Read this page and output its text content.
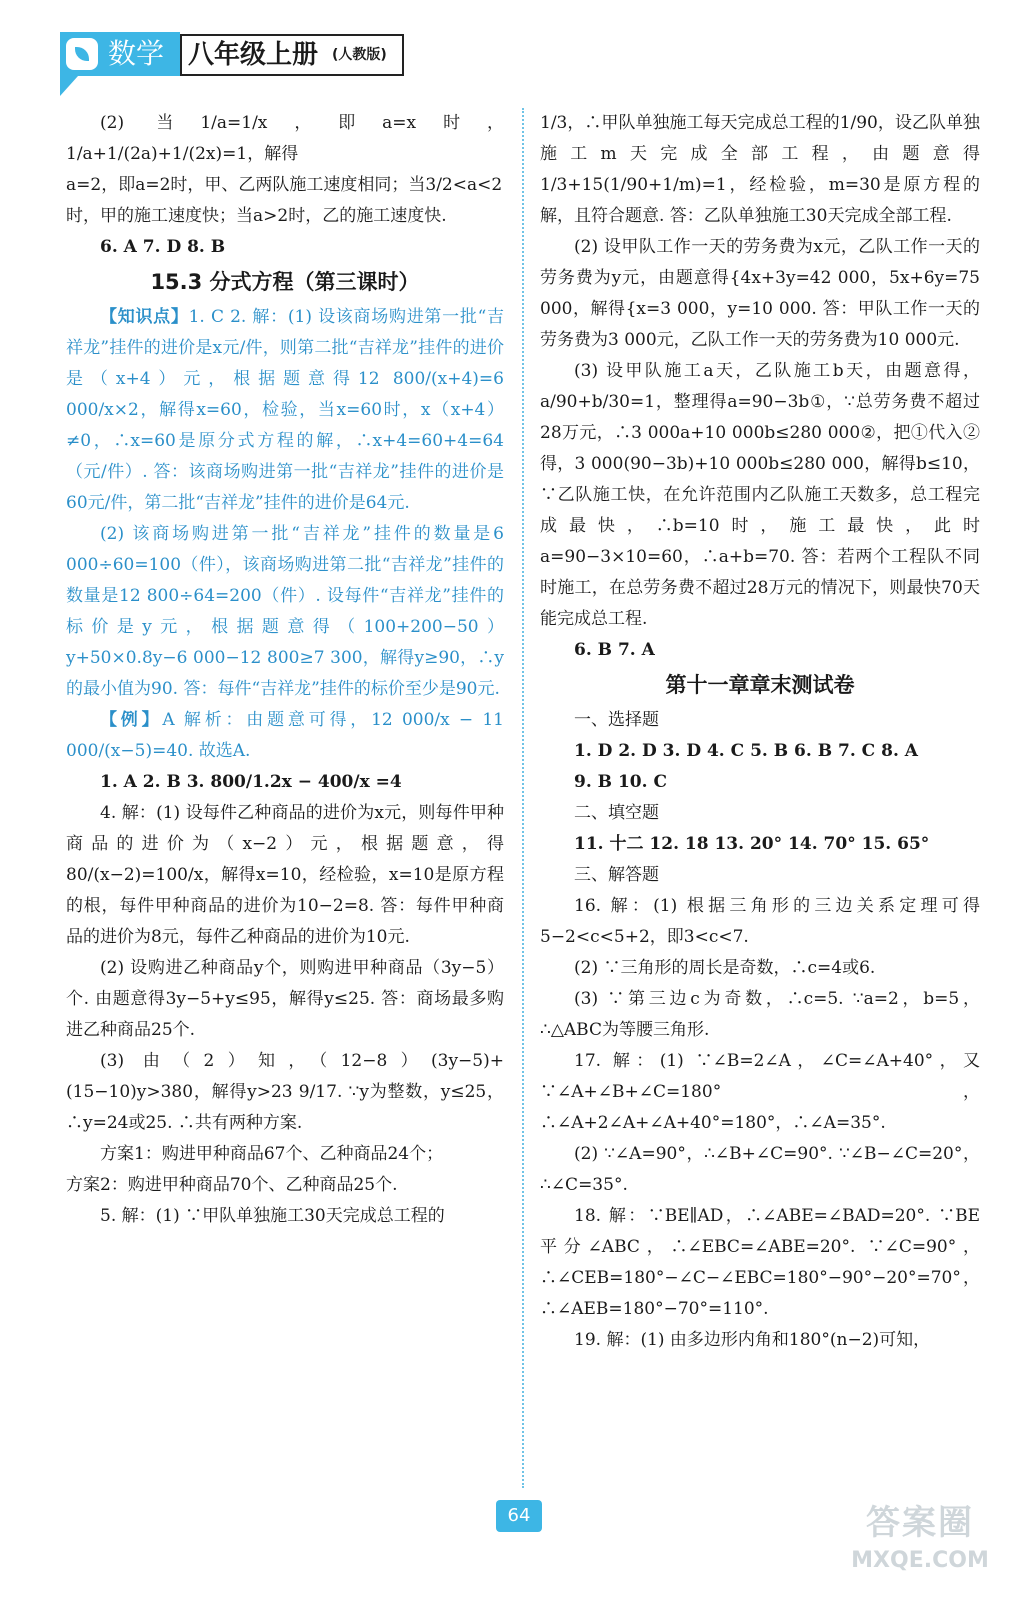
数学 八年级上册 (人教版)

(2) 当1/a=1/x，即a=x时，1/a+1/(2a)+1/(2x)=1，解得

a=2，即a=2时，甲、乙两队施工速度相同；当3/2<a<2

时，甲的施工速度快；当a>2时，乙的施工速度快.

6. A 7. D 8. B

15.3 分式方程（第三课时）

【知识点】1. C 2. 解：(1) 设该商场购进第一批“吉祥龙”挂件的进价是x元/件，则第二批“吉祥龙”挂件的进价是（x+4）元，根据题意得12 800/(x+4)=6 000/x×2，解得x=60，检验，当x=60时，x（x+4）≠0，∴x=60是原分式方程的解，∴x+4=60+4=64（元/件）. 答：该商场购进第一批“吉祥龙”挂件的进价是60元/件，第二批“吉祥龙”挂件的进价是64元.

(2) 该商场购进第一批“吉祥龙”挂件的数量是6 000÷60=100（件），该商场购进第二批“吉祥龙”挂件的数量是12 800÷64=200（件）. 设每件“吉祥龙”挂件的标价是y元，根据题意得（100+200−50）y+50×0.8y−6 000−12 800≥7 300，解得y≥90，∴y的最小值为90. 答：每件“吉祥龙”挂件的标价至少是90元.

【例】A 解析：由题意可得，12 000/x − 11 000/(x−5)=40. 故选A.

1. A 2. B 3. 800/1.2x − 400/x =4

4. 解：(1) 设每件乙种商品的进价为x元，则每件甲种商品的进价为（x−2）元，根据题意，得80/(x−2)=100/x，解得x=10，经检验，x=10是原方程的根，每件甲种商品的进价为10−2=8. 答：每件甲种商品的进价为8元，每件乙种商品的进价为10元.

(2) 设购进乙种商品y个，则购进甲种商品（3y−5）个. 由题意得3y−5+y≤95，解得y≤25. 答：商场最多购进乙种商品25个.

(3) 由（2）知，（12−8）(3y−5)+(15−10)y>380，解得y>23 9/17. ∵y为整数，y≤25，∴y=24或25. ∴共有两种方案.

方案1：购进甲种商品67个、乙种商品24个；

方案2：购进甲种商品70个、乙种商品25个.

5. 解：(1) ∵甲队单独施工30天完成总工程的

1/3，∴甲队单独施工每天完成总工程的1/90，设乙队单独施工m天完成全部工程，由题意得1/3+15(1/90+1/m)=1，经检验，m=30是原方程的解，且符合题意. 答：乙队单独施工30天完成全部工程.

(2) 设甲队工作一天的劳务费为x元，乙队工作一天的劳务费为y元，由题意得{4x+3y=42 000，5x+6y=75 000，解得{x=3 000，y=10 000. 答：甲队工作一天的劳务费为3 000元，乙队工作一天的劳务费为10 000元.

(3) 设甲队施工a天，乙队施工b天，由题意得，a/90+b/30=1，整理得a=90−3b①，∵总劳务费不超过28万元，∴3 000a+10 000b≤280 000②，把①代入②得，3 000(90−3b)+10 000b≤280 000，解得b≤10，∵乙队施工快，在允许范围内乙队施工天数多，总工程完成最快，∴b=10时，施工最快，此时a=90−3×10=60，∴a+b=70. 答：若两个工程队不同时施工，在总劳务费不超过28万元的情况下，则最快70天能完成总工程.

6. B 7. A

第十一章章末测试卷

一、选择题

1. D 2. D 3. D 4. C 5. B 6. B 7. C 8. A

9. B 10. C

二、填空题

11. 十二 12. 18 13. 20° 14. 70° 15. 65°

三、解答题

16. 解：(1) 根据三角形的三边关系定理可得5−2<c<5+2，即3<c<7.

(2) ∵三角形的周长是奇数，∴c=4或6.

(3) ∵第三边c为奇数，∴c=5. ∵a=2，b=5，∴△ABC为等腰三角形.

17. 解：(1) ∵∠B=2∠A，∠C=∠A+40°，又∵∠A+∠B+∠C=180°，∴∠A+2∠A+∠A+40°=180°，∴∠A=35°.

(2) ∵∠A=90°，∴∠B+∠C=90°. ∵∠B−∠C=20°，∴∠C=35°.

18. 解：∵BE∥AD，∴∠ABE=∠BAD=20°. ∵BE平分∠ABC，∴∠EBC=∠ABE=20°. ∵∠C=90°，∴∠CEB=180°−∠C−∠EBC=180°−90°−20°=70°，∴∠AEB=180°−70°=110°.

19. 解：(1) 由多边形内角和180°(n−2)可知，

64	答案圈
MXQE.COM
